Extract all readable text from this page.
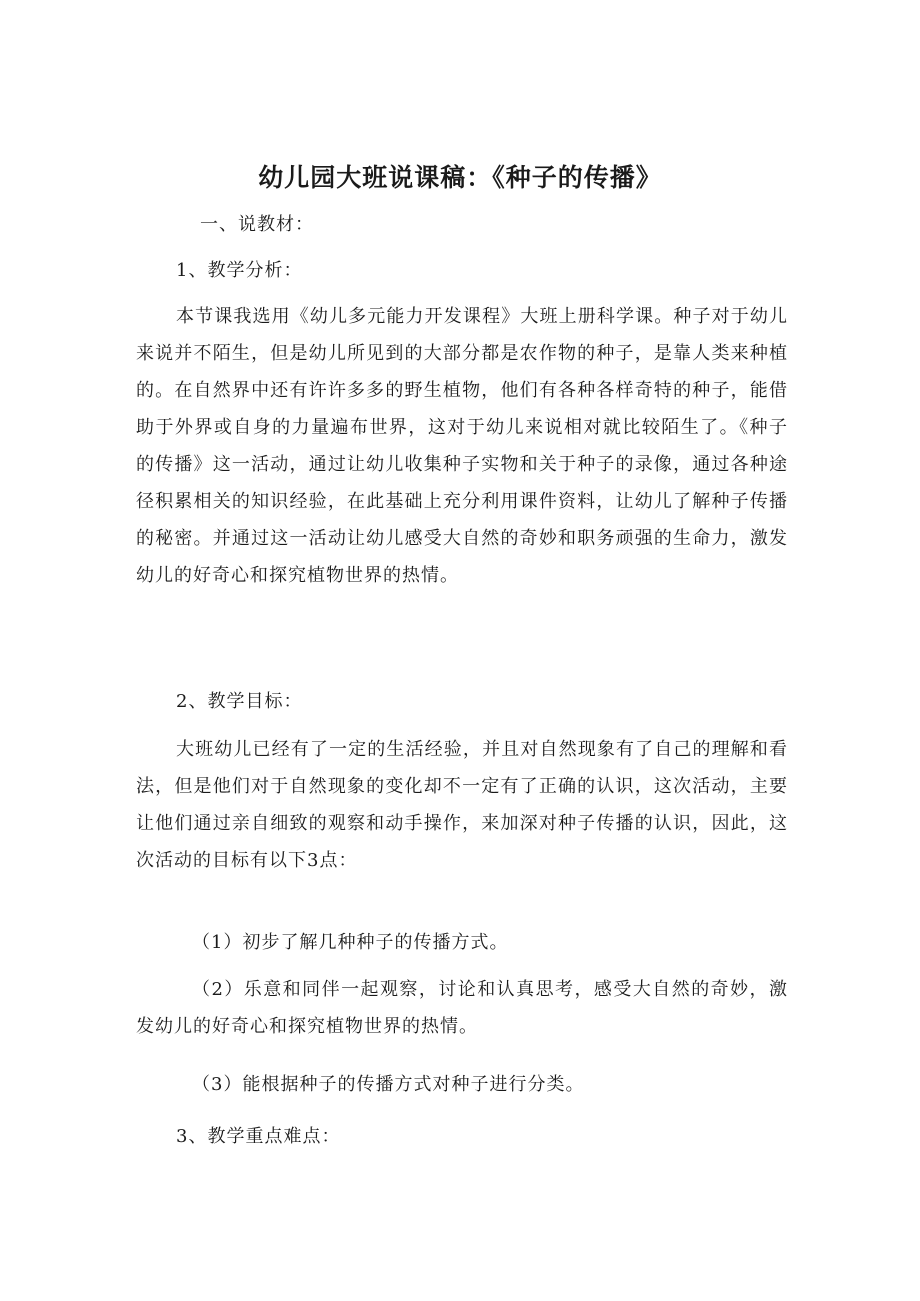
幼儿园大班说课稿：《种子的传播》

一、说教材：

1、教学分析：

本节课我选用《幼儿多元能力开发课程》大班上册科学课。种子对于幼儿来说并不陌生，但是幼儿所见到的大部分都是农作物的种子，是靠人类来种植的。在自然界中还有许许多多的野生植物，他们有各种各样奇特的种子，能借助于外界或自身的力量遍布世界，这对于幼儿来说相对就比较陌生了。《种子的传播》这一活动，通过让幼儿收集种子实物和关于种子的录像，通过各种途径积累相关的知识经验，在此基础上充分利用课件资料，让幼儿了解种子传播的秘密。并通过这一活动让幼儿感受大自然的奇妙和职务顽强的生命力，激发幼儿的好奇心和探究植物世界的热情。

2、教学目标：

大班幼儿已经有了一定的生活经验，并且对自然现象有了自己的理解和看法，但是他们对于自然现象的变化却不一定有了正确的认识，这次活动，主要让他们通过亲自细致的观察和动手操作，来加深对种子传播的认识，因此，这次活动的目标有以下3点：

（1）初步了解几种种子的传播方式。

（2）乐意和同伴一起观察，讨论和认真思考，感受大自然的奇妙，激发幼儿的好奇心和探究植物世界的热情。

（3）能根据种子的传播方式对种子进行分类。

3、教学重点难点：
